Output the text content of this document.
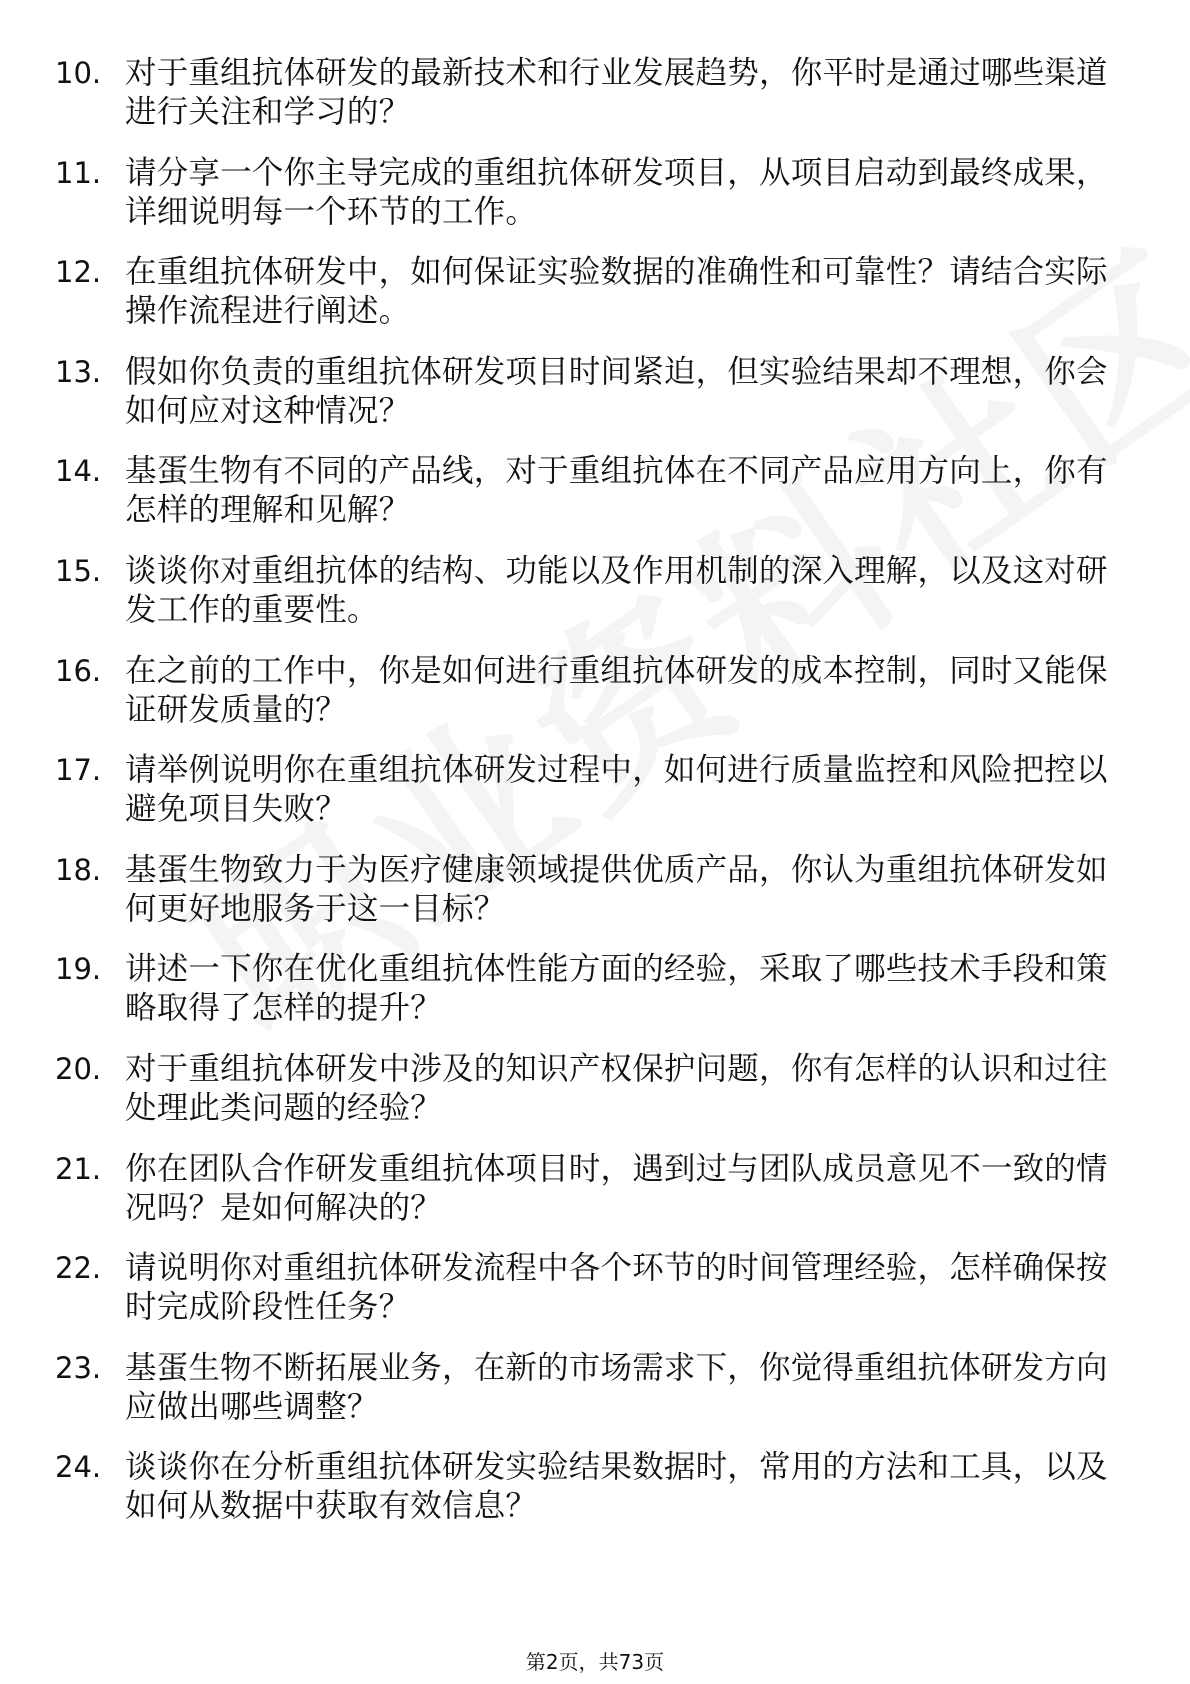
10. 对于重组抗体研发的最新技术和行业发展趋势，你平时是通过哪些渠道进行关注和学习的？
11. 请分享一个你主导完成的重组抗体研发项目，从项目启动到最终成果，详细说明每一个环节的工作。
12. 在重组抗体研发中，如何保证实验数据的准确性和可靠性？请结合实际操作流程进行阐述。
13. 假如你负责的重组抗体研发项目时间紧迫，但实验结果却不理想，你会如何应对这种情况？
14. 基蛋生物有不同的产品线，对于重组抗体在不同产品应用方向上，你有怎样的理解和见解？
15. 谈谈你对重组抗体的结构、功能以及作用机制的深入理解，以及这对研发工作的重要性。
16. 在之前的工作中，你是如何进行重组抗体研发的成本控制，同时又能保证研发质量的？
17. 请举例说明你在重组抗体研发过程中，如何进行质量监控和风险把控以避免项目失败？
18. 基蛋生物致力于为医疗健康领域提供优质产品，你认为重组抗体研发如何更好地服务于这一目标？
19. 讲述一下你在优化重组抗体性能方面的经验，采取了哪些技术手段和策略取得了怎样的提升？
20. 对于重组抗体研发中涉及的知识产权保护问题，你有怎样的认识和过往处理此类问题的经验？
21. 你在团队合作研发重组抗体项目时，遇到过与团队成员意见不一致的情况吗？是如何解决的？
22. 请说明你对重组抗体研发流程中各个环节的时间管理经验，怎样确保按时完成阶段性任务？
23. 基蛋生物不断拓展业务，在新的市场需求下，你觉得重组抗体研发方向应做出哪些调整？
24. 谈谈你在分析重组抗体研发实验结果数据时，常用的方法和工具，以及如何从数据中获取有效信息？
第2页，共73页
